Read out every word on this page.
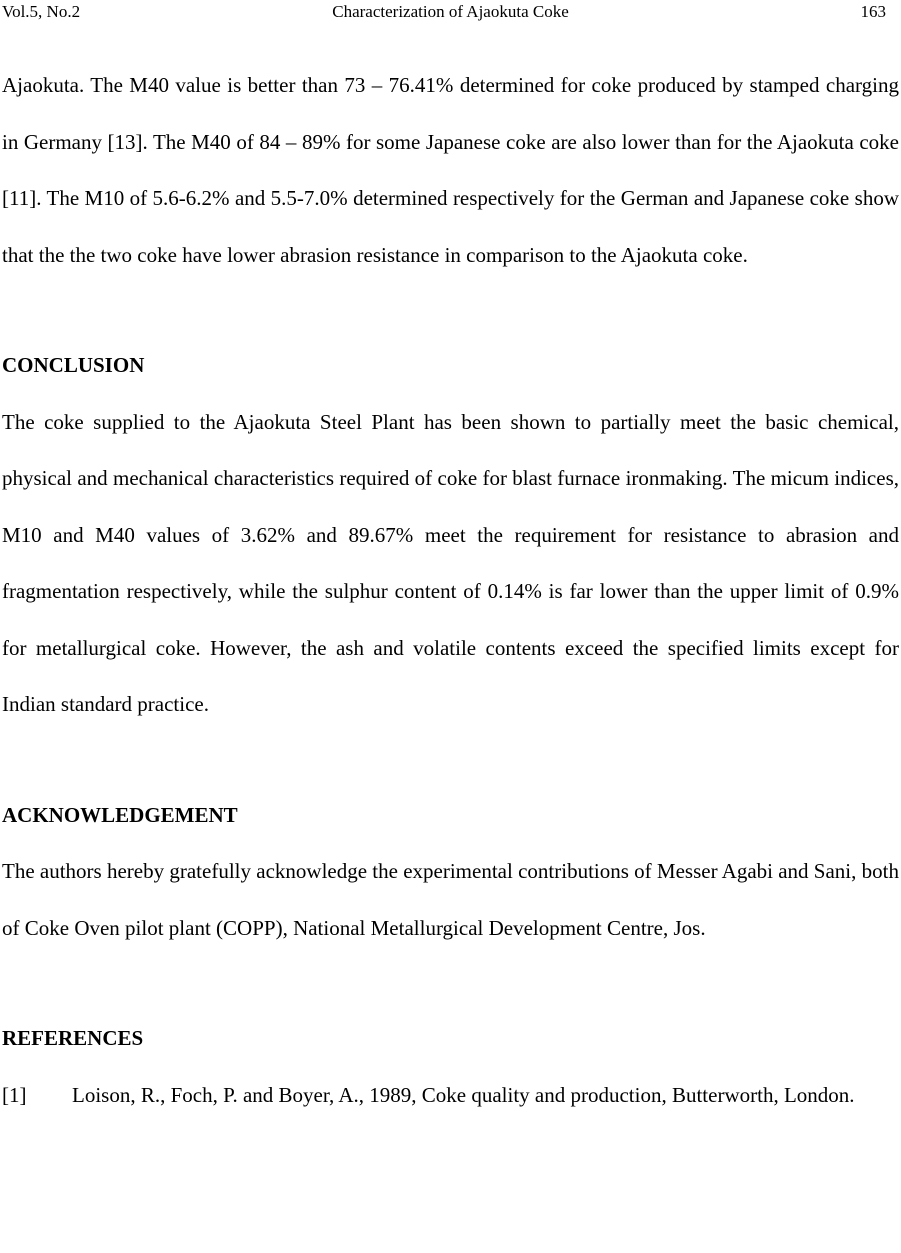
Vol.5, No.2	Characterization of Ajaokuta Coke	163

Ajaokuta. The M40 value is better than 73 – 76.41% determined for coke produced by stamped charging in Germany [13]. The M40 of 84 – 89% for some Japanese coke are also lower than for the Ajaokuta coke [11]. The M10 of 5.6-6.2% and 5.5-7.0% determined respectively for the German and Japanese coke show that the the two coke have lower abrasion resistance in comparison to the Ajaokuta coke.

CONCLUSION

The coke supplied to the Ajaokuta Steel Plant has been shown to partially meet the basic chemical, physical and mechanical characteristics required of coke for blast furnace ironmaking. The micum indices, M10 and M40 values of 3.62% and 89.67% meet the requirement for resistance to abrasion and fragmentation respectively, while the sulphur content of 0.14% is far lower than the upper limit of 0.9% for metallurgical coke. However, the ash and volatile contents exceed the specified limits except for Indian standard practice.

ACKNOWLEDGEMENT

The authors hereby gratefully acknowledge the experimental contributions of Messer Agabi and Sani, both of Coke Oven pilot plant (COPP), National Metallurgical Development Centre, Jos.

REFERENCES

[1] Loison, R., Foch, P. and Boyer, A., 1989, Coke quality and production, Butterworth, London.
